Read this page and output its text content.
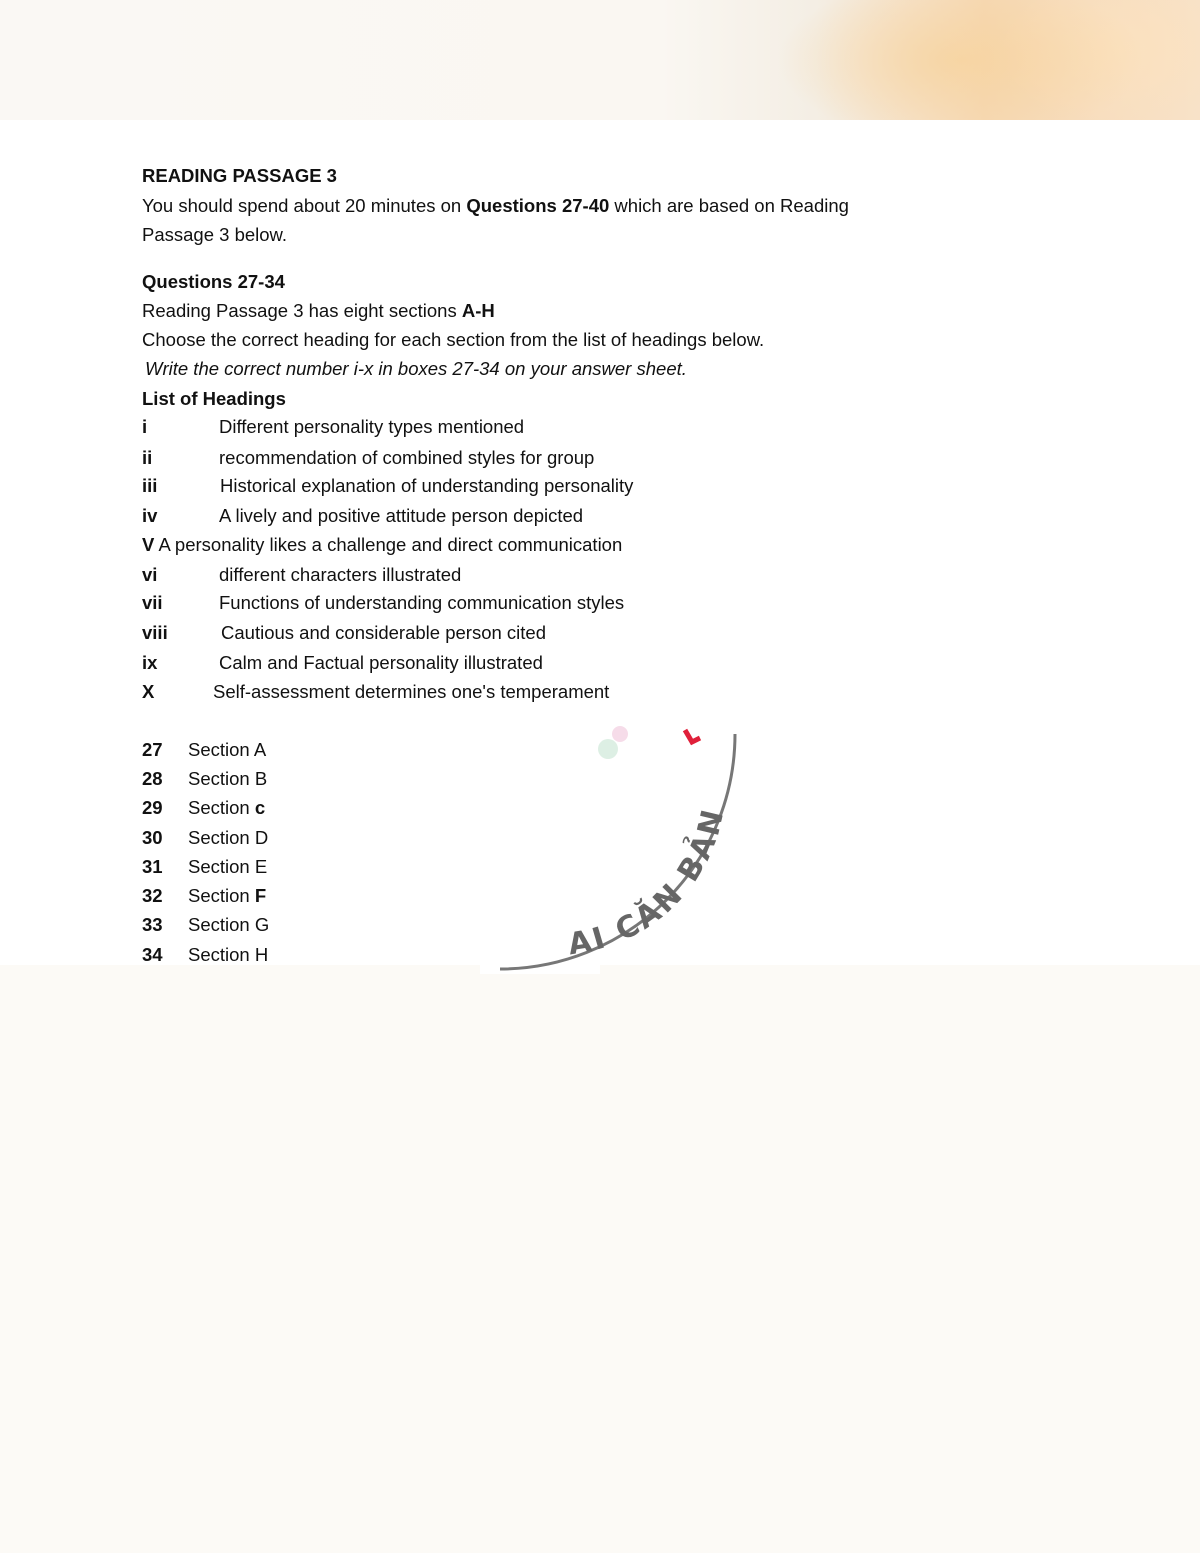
READING PASSAGE 3
You should spend about 20 minutes on Questions 27-40 which are based on Reading
Passage 3 below.
Questions 27-34
Reading Passage 3 has eight sections A-H
Choose the correct heading for each section from the list of headings below.
Write the correct number i-x in boxes 27-34 on your answer sheet.
List of Headings
i	Different personality types mentioned
ii	recommendation of combined styles for group
iii	Historical explanation of understanding personality
iv	A lively and positive attitude person depicted
V A personality likes a challenge and direct communication
vi	different characters illustrated
vii	Functions of understanding communication styles
viii	Cautious and considerable person cited
ix	Calm and Factual personality illustrated
X	Self-assessment determines one's temperament
AI CĂN BẢN
27 Section A
28 Section B
29 Section c
30 Section D
31 Section E
32 Section F
33 Section G
34 Section H
